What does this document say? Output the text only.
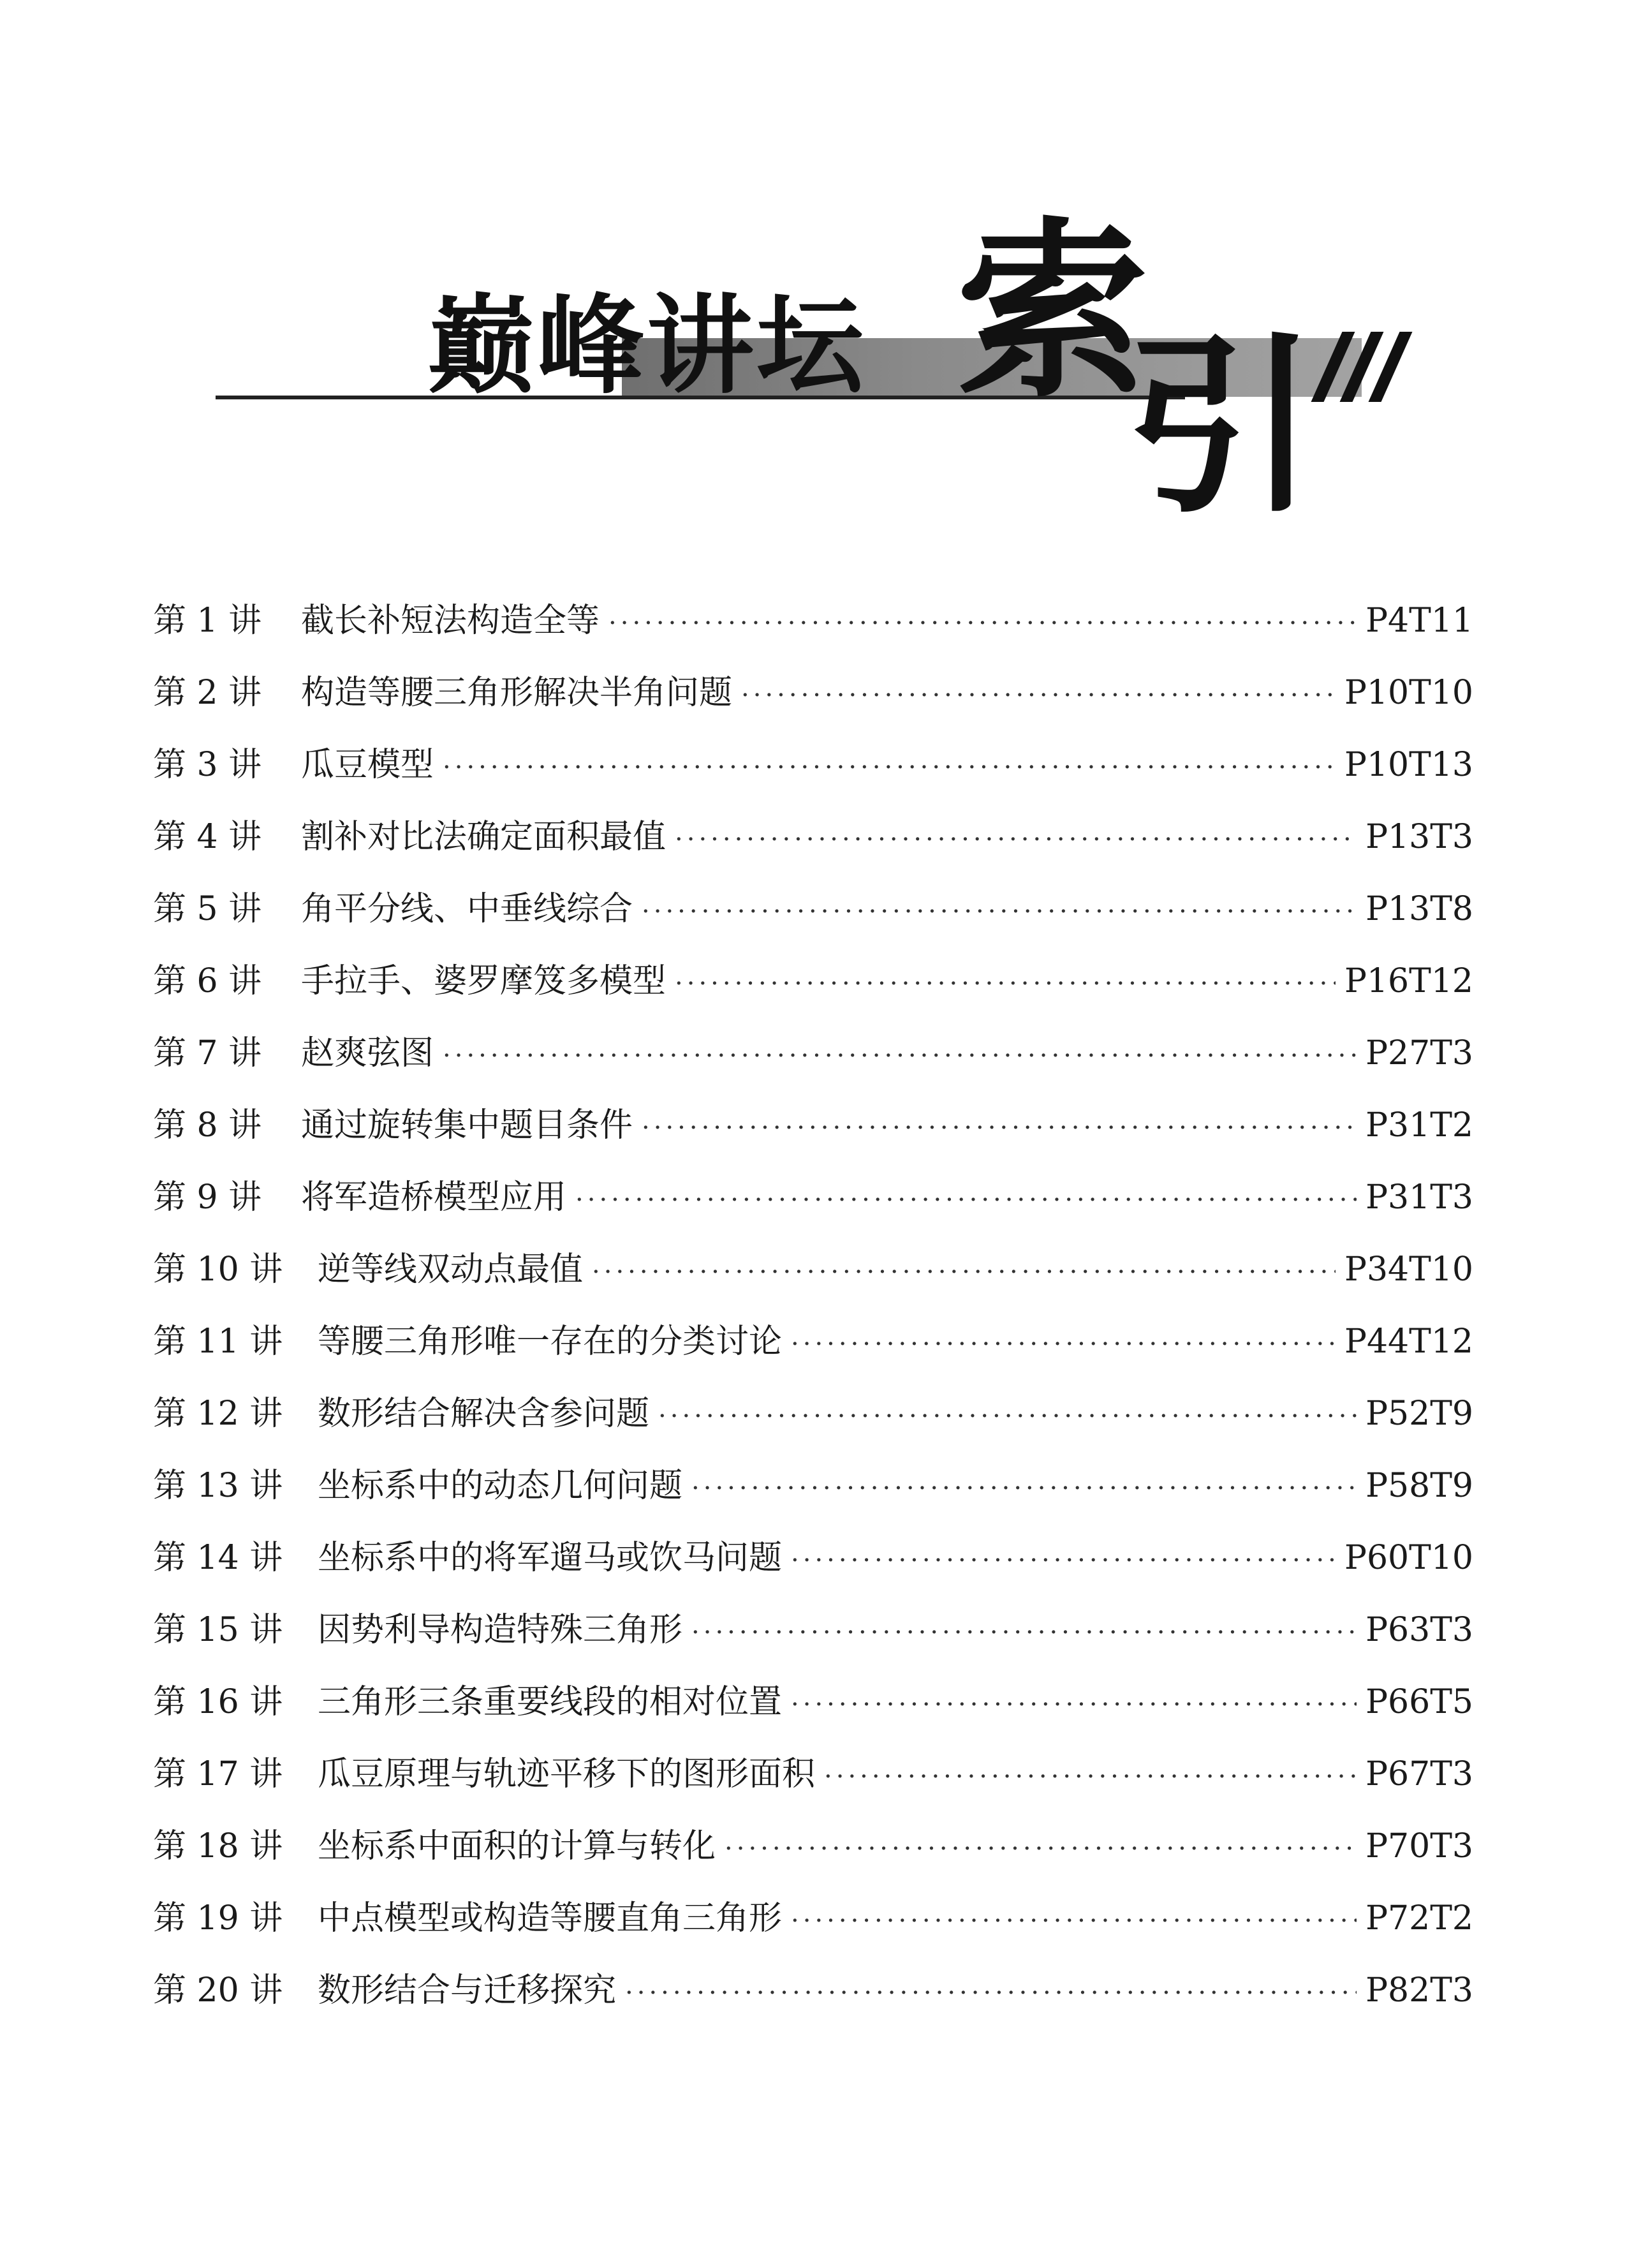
巅峰讲坛 索
引
第 1 讲	截长补短法构造全等 ·····	P4T11
第 2 讲	构造等腰三角形解决半角问题 ·····	P10T10
第 3 讲	瓜豆模型 ·····	P10T13
第 4 讲	割补对比法确定面积最值 ·····	P13T3
第 5 讲	角平分线、中垂线综合 ·····	P13T8
第 6 讲	手拉手、婆罗摩笈多模型 ·····	P16T12
第 7 讲	赵爽弦图 ·····	P27T3
第 8 讲	通过旋转集中题目条件 ·····	P31T2
第 9 讲	将军造桥模型应用 ·····	P31T3
第 10 讲	逆等线双动点最值 ·····	P34T10
第 11 讲	等腰三角形唯一存在的分类讨论 ·····	P44T12
第 12 讲	数形结合解决含参问题 ·····	P52T9
第 13 讲	坐标系中的动态几何问题 ·····	P58T9
第 14 讲	坐标系中的将军遛马或饮马问题 ·····	P60T10
第 15 讲	因势利导构造特殊三角形 ·····	P63T3
第 16 讲	三角形三条重要线段的相对位置 ·····	P66T5
第 17 讲	瓜豆原理与轨迹平移下的图形面积 ·····	P67T3
第 18 讲	坐标系中面积的计算与转化 ·····	P70T3
第 19 讲	中点模型或构造等腰直角三角形 ·····	P72T2
第 20 讲	数形结合与迁移探究 ·····	P82T3
